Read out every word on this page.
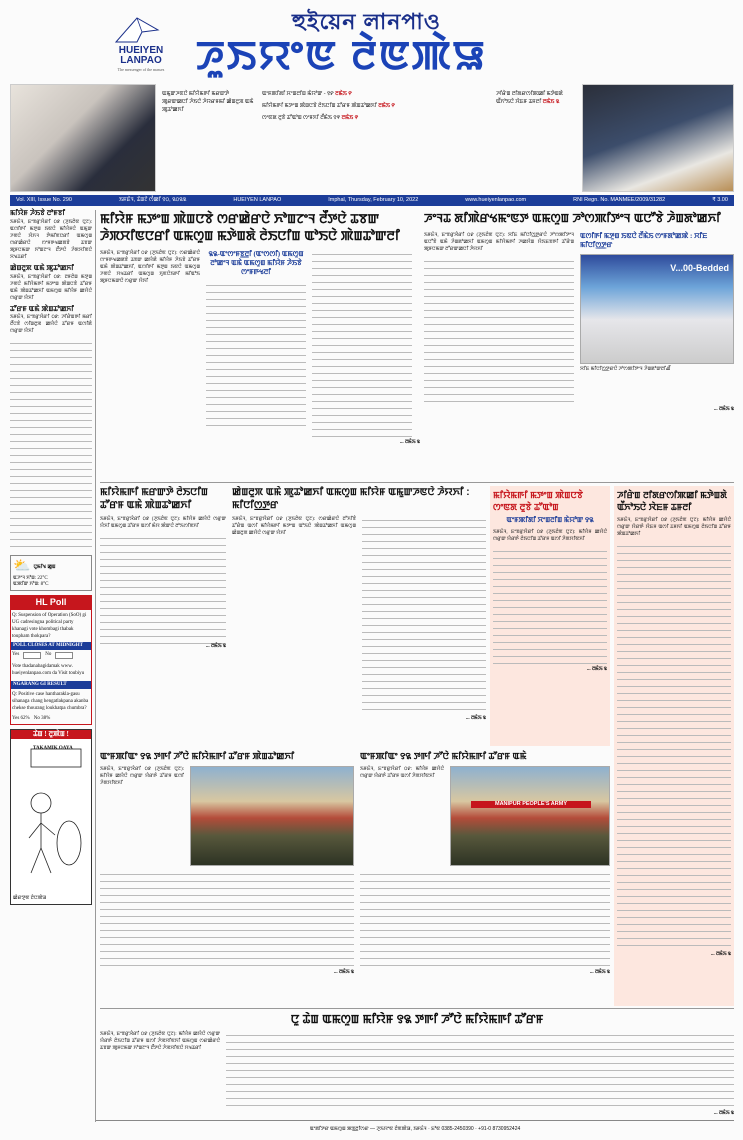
HUEIYEN
LANPAO
The messenger of the masses
হুইয়েন লানপাও
ꯍꯨꯏꯌꯦꯟ ꯂꯥꯟꯄꯥꯎ
ꯑꯃꯨꯛꯍꯟꯅꯥ ꯃꯤꯌꯥꯃꯒꯤ ꯃꯔꯛꯇꯥ ꯄꯨꯔꯛꯀꯅꯤ ꯍꯥꯏꯅꯥ ꯍꯥꯌꯔꯝꯃꯤ ꯀꯥꯡꯂꯨꯞ ꯑꯃꯥ ꯄꯨꯊꯣꯀꯈꯤ

ꯑꯦꯝꯄꯤꯗꯤ ꯆꯦꯡꯂꯤꯡ ꯃꯥꯌꯣꯛ - ꯱꯸ ꯂꯃꯥꯏ ꯵

ꯃꯤꯌꯥꯃꯒꯤ ꯃꯇꯦꯡ ꯄꯥꯡꯅꯕꯥ ꯂꯥꯏꯅꯤꯡ ꯊꯧꯔꯝ ꯄꯥꯡꯊꯣꯀꯈꯤ ꯂꯃꯥꯏ ꯵

ꯁꯦꯟꯗ ꯂꯨꯕꯥ ꯊꯧꯑꯣꯡ ꯁꯦꯝꯈꯤ ꯂꯩꯃꯥꯏ ꯱꯵ ꯂꯃꯥꯏ ꯵

ꯍꯤꯔꯥꯡ ꯂꯤꯗꯔꯁꯤꯄꯀꯤ ꯃꯇꯥꯡꯗꯥ ꯑꯩꯈꯣꯏꯅꯥ ꯋꯥꯐꯝ ꯊꯝꯂꯤ ꯂꯃꯥꯏ ꯲
Vol. XIII, Issue No. 290	ꯏꯝꯐꯥꯜ, ꯊꯥꯡꯖꯥ ꯁꯪꯀꯤ ꯱꯰, ꯲꯰꯲꯲	HUEIYEN LANPAO	Imphal, Thursday, February 10, 2022	www.hueiyenlanpao.com	RNI Regn. No. MANMEE/2009/31282	₹ 3.00
ꯃꯤꯌꯥꯝ ꯍꯥꯏꯕꯥ ꯂꯣꯝꯕꯤ
ꯏꯝꯐꯥꯜ, ꯐꯦꯕꯔꯨꯋꯥꯔꯤ ꯰꯹ (ꯍꯨꯏꯂꯥꯟ ꯅꯨꯖ): ꯑꯁꯤꯒꯤ ꯃꯇꯨꯡ ꯏꯟꯅꯥ ꯃꯤꯌꯥꯝꯅꯥ ꯑꯃꯨꯛ ꯍꯟꯅꯥ ꯋꯥꯈꯜ ꯇꯥꯃꯤꯟꯅꯔꯤ ꯑꯃꯁꯨꯡ ꯁꯔꯀꯥꯔꯅꯥ ꯁꯦꯝꯒꯠꯀꯗꯕꯥ ꯊꯕꯛ ꯄꯨꯝꯅꯃꯛ ꯈꯣꯡꯖꯦꯜ ꯂꯩꯇꯅꯥ ꯍꯥꯞꯆꯤꯟꯅꯥ ꯆꯠꯊꯔꯤ
ꯀꯥꯡꯂꯨꯞ ꯑꯃꯥ ꯄꯨꯊꯣꯀꯈꯤ
ꯏꯝꯐꯥꯜ, ꯐꯦꯕꯔꯨꯋꯥꯔꯤ ꯰꯹: ꯂꯝꯂꯥꯡ ꯃꯇꯨꯡ ꯍꯟꯅꯥ ꯃꯤꯌꯥꯃꯒꯤ ꯃꯇꯦꯡ ꯄꯥꯡꯅꯕꯥ ꯊꯧꯔꯝ ꯑꯃꯥ ꯄꯥꯡꯊꯣꯀꯈꯤ ꯑꯃꯁꯨꯡ ꯃꯤꯌꯥꯝ ꯀꯌꯥꯅꯥ ꯁꯔꯨꯛ ꯌꯥꯈꯤ
ꯊꯧꯔꯝ ꯑꯃꯥ ꯄꯥꯡꯊꯣꯀꯈꯤ
ꯏꯝꯐꯥꯜ, ꯐꯦꯕꯔꯨꯋꯥꯔꯤ ꯰꯹: ꯍꯤꯔꯥꯡꯒꯤ ꯃꯔꯤ ꯂꯩꯅꯕꯥ ꯁꯤꯡꯂꯨꯞ ꯀꯌꯥꯅꯥ ꯊꯧꯔꯝ ꯑꯁꯤꯗꯥ ꯁꯔꯨꯛ ꯌꯥꯈꯤ
⛅ ꯅꯨꯃꯤꯠ ꯀꯨꯡ
ꯑꯍꯦꯜ ꯈꯣꯡ: 22°C
ꯑꯄꯤꯛ ꯈꯣꯡ: 8°C
HL Poll
Q: Suspension of Operation (SoO) gi UG cadresingna political party khanagi vote khombagi thabak toupham thokpara?
POLL CLOSES AT MIDNIGHT
Yes	No
Vote thadanabagidamak www. hueiyenlanpao.com da Visit toubiyu
NGARANG GI RESULT
Q: Positive case hantharakla-gasu sihanaga chang hengatlakpana akanba chekse thourang loukhatpa chumbra?
Yes 62% No 38%
ꯊꯥꯡ ! ꯂꯨꯄꯥꯡ !
TAKAMIK OAYA
ꯀꯥꯔꯇꯨꯟ ꯂꯥꯅꯄꯥꯎ
ꯃꯤꯌꯥꯝ ꯃꯇꯦꯡ ꯄꯥꯡꯅꯕꯥ ꯁꯔꯀꯥꯔꯅꯥ ꯈꯣꯡꯖꯦꯜ ꯂꯩꯇꯅꯥ ꯊꯕꯛ ꯍꯥꯞꯆꯤꯟꯅꯔꯤ ꯑꯃꯁꯨꯡ ꯃꯇꯥꯡꯗꯥ ꯂꯥꯏꯅꯤꯡ ꯑꯣꯏꯅꯥ ꯄꯥꯡꯊꯣꯛꯂꯤ
ꯏꯝꯐꯥꯜ, ꯐꯦꯕꯔꯨꯋꯥꯔꯤ ꯰꯹ (ꯍꯨꯏꯂꯥꯟ ꯅꯨꯖ): ꯁꯔꯀꯥꯔꯅꯥ ꯁꯦꯝꯒꯠꯀꯗꯕꯥ ꯊꯕꯛ ꯀꯌꯥꯗꯥ ꯃꯤꯌꯥꯝ ꯍꯥꯏꯕꯥ ꯊꯧꯔꯝ ꯑꯃꯥ ꯄꯥꯡꯊꯣꯀꯈꯤ, ꯑꯁꯤꯒꯤ ꯃꯇꯨꯡ ꯏꯟꯅꯥ ꯑꯃꯁꯨꯡ ꯍꯟꯅꯥ ꯆꯠꯊꯔꯤ ꯑꯃꯁꯨꯡ ꯈꯨꯟꯅꯥꯏꯒꯤ ꯃꯤꯑꯣꯏ ꯄꯨꯝꯅꯃꯛꯅꯥ ꯁꯔꯨꯛ ꯌꯥꯈꯤ
꯲꯲-ꯑꯦꯁꯦꯝꯕ꯭ꯂꯤ (ꯑꯦꯁꯁꯤ) ꯑꯃꯁꯨꯡ ꯂꯣꯀꯦꯜ ꯑꯃꯥ ꯑꯃꯁꯨꯡ ꯃꯤꯌꯥꯝ ꯍꯥꯏꯕꯥ ꯁꯦꯝꯒꯠꯂꯤ
... ꯂꯃꯥꯏ ꯲
ꯍꯦꯜꯊ ꯗꯤꯄꯥꯔꯠꯃꯦꯟꯇ ꯑꯃꯁꯨꯡ ꯍꯣꯁꯄꯤꯇꯦꯜ ꯑꯅꯧꯕꯥ ꯍꯥꯡꯗꯣꯀꯈꯤ
ꯏꯝꯐꯥꯜ, ꯐꯦꯕꯔꯨꯋꯥꯔꯤ ꯰꯹ (ꯍꯨꯏꯂꯥꯟ ꯅꯨꯖ): ꯆꯤꯐ ꯃꯤꯅꯤꯁ꯭ꯇꯔꯅꯥ ꯍꯣꯁꯄꯤꯇꯦꯜ ꯑꯅꯧꯕꯥ ꯑꯃꯥ ꯍꯥꯡꯗꯣꯀꯈꯤ ꯑꯃꯁꯨꯡ ꯃꯤꯌꯥꯃꯒꯤ ꯍꯀꯆꯥꯡ ꯌꯥꯏꯐꯕꯒꯤ ꯊꯧꯔꯥꯡ ꯄꯨꯝꯅꯃꯛ ꯂꯧꯔꯛꯀꯅꯤ ꯍꯥꯌꯈꯤ
ꯑꯁꯤꯒꯤ ꯃꯇꯨꯡ ꯏꯟꯅꯥ ꯂꯩꯃꯥꯏ ꯁꯦꯝꯗꯣꯀꯄꯥ : ꯆꯤꯐ ꯃꯤꯅꯤꯁ꯭ꯇꯔ
V...00-Bedded
ꯆꯤꯐ ꯃꯤꯅꯤꯁ꯭ꯇꯔꯅꯥ ꯍꯣꯁꯄꯤꯇꯦꯜ ꯍꯥꯡꯗꯣꯛꯂꯤꯉꯩ
... ꯂꯃꯥꯏ ꯲
ꯃꯤꯌꯥꯃꯒꯤ ꯃꯔꯛꯇꯥ ꯂꯥꯏꯅꯤꯡ ꯊꯧꯔꯝ ꯑꯃꯥ ꯄꯥꯡꯊꯣꯀꯈꯤ
ꯏꯝꯐꯥꯜ, ꯐꯦꯕꯔꯨꯋꯥꯔꯤ ꯰꯹ (ꯍꯨꯏꯂꯥꯟ ꯅꯨꯖ): ꯃꯤꯌꯥꯝ ꯀꯌꯥꯅꯥ ꯁꯔꯨꯛ ꯌꯥꯈꯤ ꯑꯃꯁꯨꯡ ꯊꯧꯔꯝ ꯑꯁꯤ ꯃꯥꯌ ꯄꯥꯛꯅꯥ ꯂꯣꯏꯁꯤꯟꯈꯤ
... ꯂꯃꯥꯏ ꯲
ꯀꯥꯡꯂꯨꯞ ꯑꯃꯥ ꯄꯨꯊꯣꯀꯈꯤ ꯑꯃꯁꯨꯡ ꯃꯤꯌꯥꯝ ꯑꯃꯨꯛꯍꯟꯅꯥ ꯍꯥꯌꯈꯤ : ꯃꯤꯅꯤꯁ꯭ꯇꯔ
ꯏꯝꯐꯥꯜ, ꯐꯦꯕꯔꯨꯋꯥꯔꯤ ꯰꯹ (ꯍꯨꯏꯂꯥꯟ ꯅꯨꯖ): ꯁꯔꯀꯥꯔꯅꯥ ꯂꯧꯈꯤꯕꯥ ꯊꯧꯔꯥꯡ ꯑꯁꯤ ꯃꯤꯌꯥꯃꯒꯤ ꯃꯇꯦꯡ ꯑꯣꯏꯅꯥ ꯄꯥꯡꯊꯣꯀꯈꯤ ꯑꯃꯁꯨꯡ ꯀꯥꯡꯂꯨꯞ ꯀꯌꯥꯅꯥ ꯁꯔꯨꯛ ꯌꯥꯈꯤ
... ꯂꯃꯥꯏ ꯲
ꯃꯤꯌꯥꯃꯒꯤ ꯃꯇꯦꯡ ꯄꯥꯡꯅꯕꯥ ꯁꯦꯟꯗ ꯂꯨꯕꯥ ꯊꯧꯑꯣꯡ
ꯑꯦꯝꯄꯤꯗꯤ ꯆꯦꯡꯂꯤꯡ ꯃꯥꯌꯣꯛ ꯱꯲
ꯏꯝꯐꯥꯜ, ꯐꯦꯕꯔꯨꯋꯥꯔꯤ ꯰꯹ (ꯍꯨꯏꯂꯥꯟ ꯅꯨꯖ): ꯃꯤꯌꯥꯝ ꯀꯌꯥꯅꯥ ꯁꯔꯨꯛ ꯌꯥꯔꯒꯥ ꯂꯥꯏꯅꯤꯡ ꯊꯧꯔꯝ ꯑꯁꯤ ꯍꯥꯞꯆꯤꯟꯈꯤ
... ꯂꯃꯥꯏ ꯲
ꯍꯤꯔꯥꯡ ꯂꯤꯗꯔꯁꯤꯄꯀꯤ ꯃꯇꯥꯡꯗꯥ ꯑꯩꯈꯣꯏꯅꯥ ꯋꯥꯐꯝ ꯊꯝꯂꯤ
ꯏꯝꯐꯥꯜ, ꯐꯦꯕꯔꯨꯋꯥꯔꯤ ꯰꯹ (ꯍꯨꯏꯂꯥꯟ ꯅꯨꯖ): ꯃꯤꯌꯥꯝ ꯀꯌꯥꯅꯥ ꯁꯔꯨꯛ ꯌꯥꯔꯒꯥ ꯋꯥꯐꯝ ꯑꯁꯤ ꯊꯝꯈꯤ ꯑꯃꯁꯨꯡ ꯂꯥꯏꯅꯤꯡ ꯊꯧꯔꯝ ꯄꯥꯡꯊꯣꯀꯈꯤ
... ꯂꯃꯥꯏ ꯲
ꯑꯦꯝꯄꯤꯑꯦ ꯱꯲ ꯇꯒꯤ ꯍꯧꯅꯥ ꯃꯤꯌꯥꯃꯒꯤ ꯊꯧꯔꯝ ꯄꯥꯡꯊꯣꯀꯈꯤ
ꯏꯝꯐꯥꯜ, ꯐꯦꯕꯔꯨꯋꯥꯔꯤ ꯰꯹ (ꯍꯨꯏꯂꯥꯟ ꯅꯨꯖ): ꯃꯤꯌꯥꯝ ꯀꯌꯥꯅꯥ ꯁꯔꯨꯛ ꯌꯥꯔꯒꯥ ꯊꯧꯔꯝ ꯑꯁꯤ ꯍꯥꯞꯆꯤꯟꯈꯤ
... ꯂꯃꯥꯏ ꯲
ꯑꯦꯝꯄꯤꯑꯦ ꯱꯲ ꯇꯒꯤ ꯍꯧꯅꯥ ꯃꯤꯌꯥꯃꯒꯤ ꯊꯧꯔꯝ ꯑꯃꯥ
ꯏꯝꯐꯥꯜ, ꯐꯦꯕꯔꯨꯋꯥꯔꯤ ꯰꯹: ꯃꯤꯌꯥꯝ ꯀꯌꯥꯅꯥ ꯁꯔꯨꯛ ꯌꯥꯔꯒꯥ ꯊꯧꯔꯝ ꯑꯁꯤ ꯍꯥꯞꯆꯤꯟꯈꯤ
MANIPUR PEOPLE'S ARMY
... ꯂꯃꯥꯏ ꯲
ꯅꯨ ꯊꯥꯡ ꯑꯃꯁꯨꯡ ꯃꯤꯌꯥꯝ ꯱꯲ ꯇꯒꯤ ꯍꯧꯅꯥ ꯃꯤꯌꯥꯃꯒꯤ ꯊꯧꯔꯝ
ꯏꯝꯐꯥꯜ, ꯐꯦꯕꯔꯨꯋꯥꯔꯤ ꯰꯹ (ꯍꯨꯏꯂꯥꯟ ꯅꯨꯖ): ꯃꯤꯌꯥꯝ ꯀꯌꯥꯅꯥ ꯁꯔꯨꯛ ꯌꯥꯔꯒꯥ ꯂꯥꯏꯅꯤꯡ ꯊꯧꯔꯝ ꯑꯁꯤ ꯍꯥꯞꯆꯤꯟꯈꯤ ꯑꯃꯁꯨꯡ ꯁꯔꯀꯥꯔꯅꯥ ꯊꯕꯛ ꯄꯨꯝꯅꯃꯛ ꯈꯣꯡꯖꯦꯜ ꯂꯩꯇꯅꯥ ꯍꯥꯞꯆꯤꯟꯅꯥ ꯆꯠꯊꯔꯤ
... ꯂꯃꯥꯏ ꯲
ꯑꯦꯗꯤꯇꯔ ꯑꯃꯁꯨꯡ ꯄꯕ꯭ꯂꯤꯁꯔ — ꯍꯨꯏꯌꯦꯟ ꯂꯥꯟꯄꯥꯎ, ꯏꯝꯐꯥꯜ · ꯐꯣꯟ 0385-2450390 · +91-0 8730952424
